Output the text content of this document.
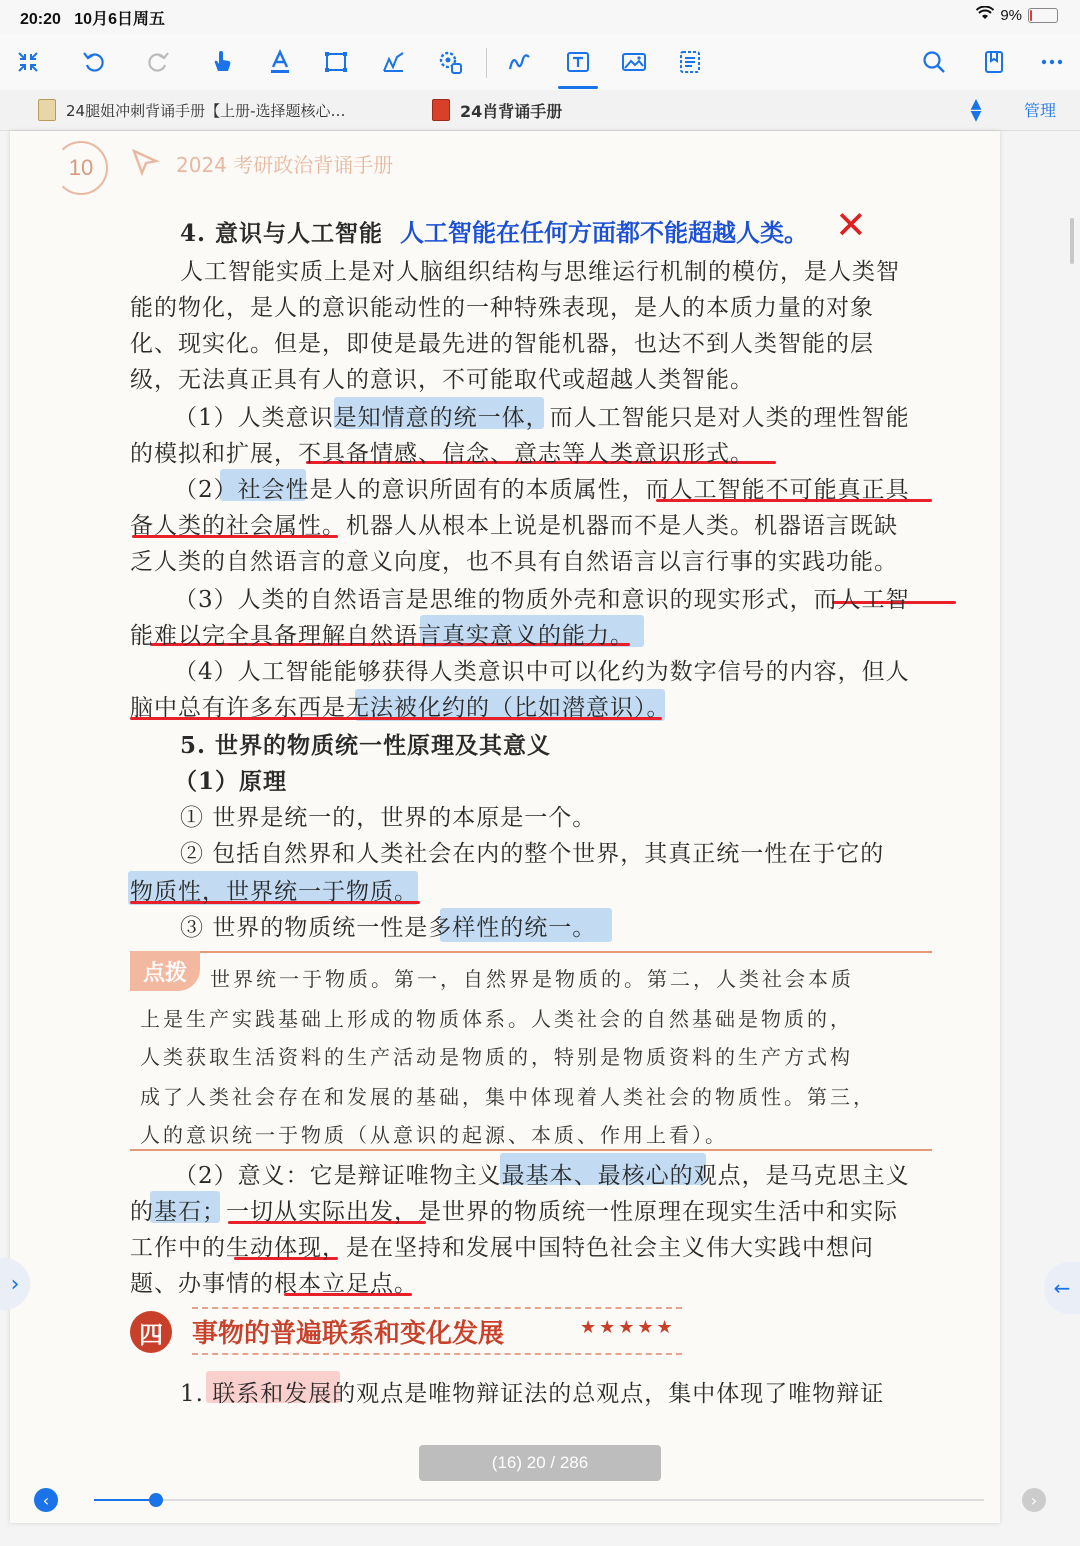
20:20 10月6日周五	9%
24腿姐冲刺背诵手册【上册-选择题核心…	24肖背诵手册	▲
▼	管理
10	2024 考研政治背诵手册
4. 意识与人工智能 人工智能在任何方面都不能超越人类。 ✕
人工智能实质上是对人脑组织结构与思维运行机制的模仿，是人类智
能的物化，是人的意识能动性的一种特殊表现，是人的本质力量的对象
化、现实化。但是，即使是最先进的智能机器，也达不到人类智能的层
级，无法真正具有人的意识，不可能取代或超越人类智能。
（1）人类意识是知情意的统一体，而人工智能只是对人类的理性智能
的模拟和扩展，不具备情感、信念、意志等人类意识形式。
（2）社会性是人的意识所固有的本质属性，而人工智能不可能真正具
备人类的社会属性。机器人从根本上说是机器而不是人类。机器语言既缺
乏人类的自然语言的意义向度，也不具有自然语言以言行事的实践功能。
（3）人类的自然语言是思维的物质外壳和意识的现实形式，而人工智
能难以完全具备理解自然语言真实意义的能力。
（4）人工智能能够获得人类意识中可以化约为数字信号的内容，但人
脑中总有许多东西是无法被化约的（比如潜意识）。
5. 世界的物质统一性原理及其意义
（1）原理
① 世界是统一的，世界的本原是一个。
② 包括自然界和人类社会在内的整个世界，其真正统一性在于它的
物质性，世界统一于物质。
③ 世界的物质统一性是多样性的统一。
点拨	世界统一于物质。第一，自然界是物质的。第二，人类社会本质
上是生产实践基础上形成的物质体系。人类社会的自然基础是物质的，
人类获取生活资料的生产活动是物质的，特别是物质资料的生产方式构
成了人类社会存在和发展的基础，集中体现着人类社会的物质性。第三，
人的意识统一于物质（从意识的起源、本质、作用上看）。
（2）意义：它是辩证唯物主义最基本、最核心的观点，是马克思主义
的基石；一切从实际出发，是世界的物质统一性原理在现实生活中和实际
工作中的生动体现，是在坚持和发展中国特色社会主义伟大实践中想问
题、办事情的根本立足点。
四	事物的普遍联系和变化发展	★★★★★
1. 联系和发展的观点是唯物辩证法的总观点，集中体现了唯物辩证
(16) 20 / 286
›	←
‹	›
